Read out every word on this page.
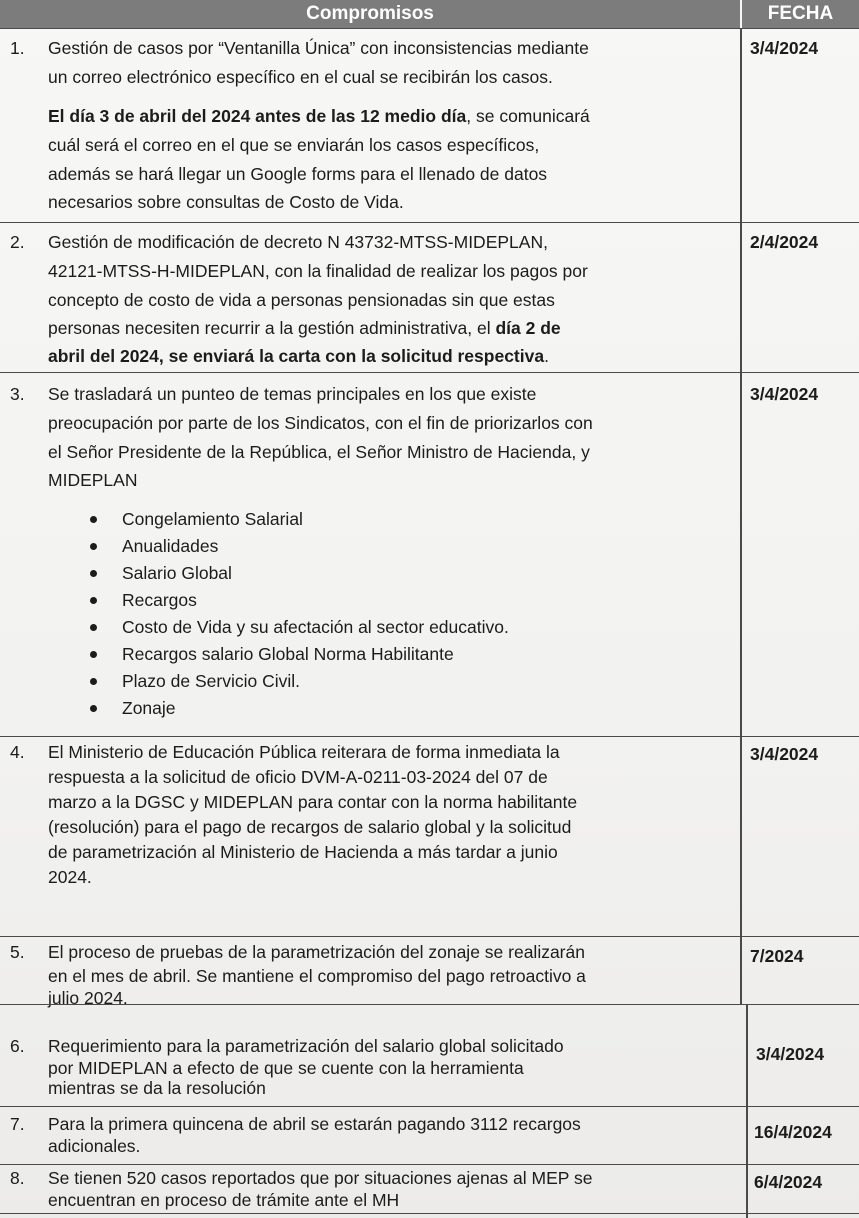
Compromisos	FECHA
1. Gestión de casos por “Ventanilla Única” con inconsistencias mediante
un correo electrónico específico en el cual se recibirán los casos.
El día 3 de abril del 2024 antes de las 12 medio día, se comunicará
cuál será el correo en el que se enviarán los casos específicos,
además se hará llegar un Google forms para el llenado de datos
necesarios sobre consultas de Costo de Vida.
3/4/2024
2. Gestión de modificación de decreto N 43732-MTSS-MIDEPLAN,
42121-MTSS-H-MIDEPLAN, con la finalidad de realizar los pagos por
concepto de costo de vida a personas pensionadas sin que estas
personas necesiten recurrir a la gestión administrativa, el día 2 de
abril del 2024, se enviará la carta con la solicitud respectiva.
2/4/2024
3. Se trasladará un punteo de temas principales en los que existe
preocupación por parte de los Sindicatos, con el fin de priorizarlos con
el Señor Presidente de la República, el Señor Ministro de Hacienda, y
MIDEPLAN
Congelamiento Salarial
Anualidades
Salario Global
Recargos
Costo de Vida y su afectación al sector educativo.
Recargos salario Global Norma Habilitante
Plazo de Servicio Civil.
Zonaje
3/4/2024
4. El Ministerio de Educación Pública reiterara de forma inmediata la
respuesta a la solicitud de oficio DVM-A-0211-03-2024 del 07 de
marzo a la DGSC y MIDEPLAN para contar con la norma habilitante
(resolución) para el pago de recargos de salario global y la solicitud
de parametrización al Ministerio de Hacienda a más tardar a junio
2024.
3/4/2024
5. El proceso de pruebas de la parametrización del zonaje se realizarán
en el mes de abril. Se mantiene el compromiso del pago retroactivo a
julio 2024.
7/2024
6. Requerimiento para la parametrización del salario global solicitado
por MIDEPLAN a efecto de que se cuente con la herramienta
mientras se da la resolución
3/4/2024
7. Para la primera quincena de abril se estarán pagando 3112 recargos
adicionales.
16/4/2024
8. Se tienen 520 casos reportados que por situaciones ajenas al MEP se
encuentran en proceso de trámite ante el MH
6/4/2024
